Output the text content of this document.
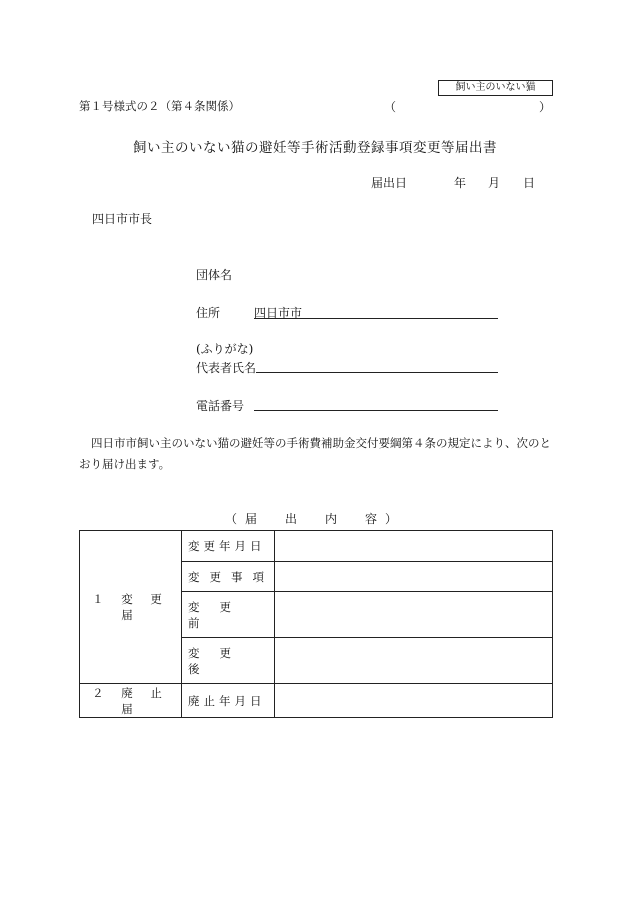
飼い主のいない猫
第１号様式の２（第４条関係）	（	）
飼い主のいない猫の避妊等手術活動登録事項変更等届出書
届出日	年 月 日
四日市市長
団体名
住所	四日市市
(ふりがな)
代表者氏名
電話番号
四日市市飼い主のいない猫の避妊等の手術費補助金交付要綱第４条の規定により、次のとおり届け出ます。
（届　出　内　容）
１ 変 更 届	変更年月日	
	変更事項	
	変更前	
	変更後	
２ 廃 止 届	廃止年月日	
